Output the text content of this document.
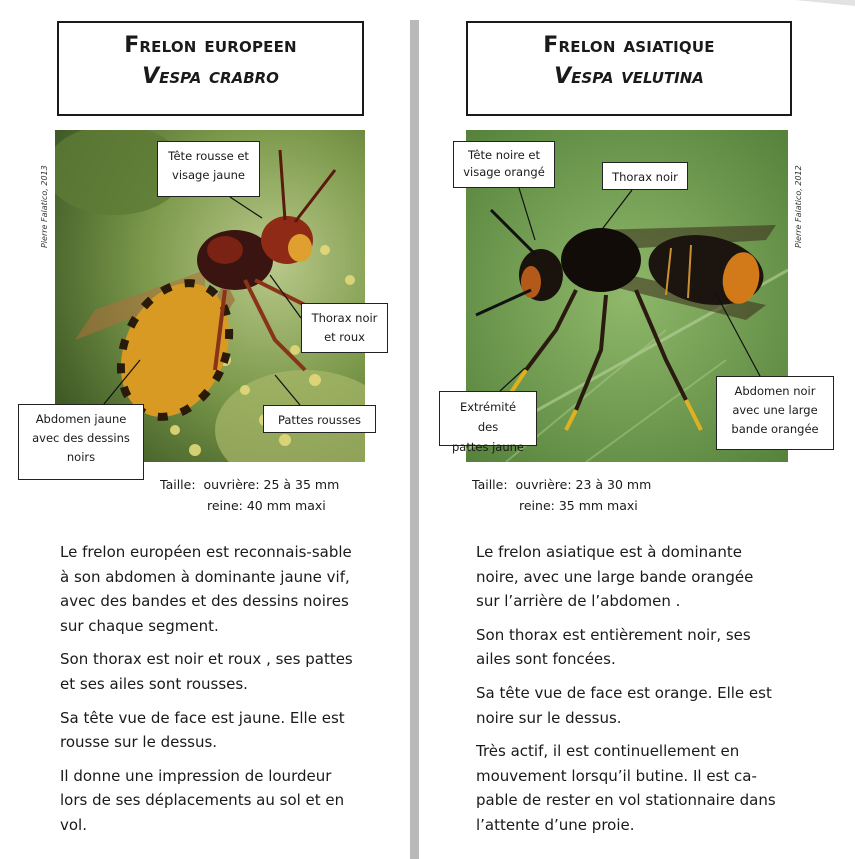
Frelon europeen
Vespa crabro
Pierre Falatico, 2013
Tête rousse et
visage jaune
Thorax noir
et roux
Abdomen jaune
avec des dessins
noirs
Pattes rousses
Taille:  ouvrière: 25 à 35 mm
reine: 40 mm maxi

Le frelon européen est reconnais-sable à son abdomen à dominante jaune vif, avec des bandes et des dessins noires sur chaque segment.

Son thorax est noir et roux , ses pattes et ses ailes sont rousses.

Sa tête vue de face est jaune. Elle est rousse sur le dessus.

Il donne une impression de lourdeur lors de ses déplacements au sol et en vol.

Frelon asiatique
Vespa velutina
Pierre Falatico, 2012
Tête noire et
visage orangé	Thorax noir
Extrémité des
pattes jaune
Abdomen noir
avec une large
bande orangée
Taille:  ouvrière: 23 à 30 mm
reine: 35 mm maxi

Le frelon asiatique est à dominante noire, avec une large bande orangée sur l’arrière de l’abdomen .

Son thorax est entièrement noir, ses ailes sont foncées.

Sa tête vue de face est orange. Elle est noire sur le dessus.

Très actif, il est continuellement en mouvement lorsqu’il butine. Il est ca-pable de rester en vol stationnaire dans l’attente d’une proie.
